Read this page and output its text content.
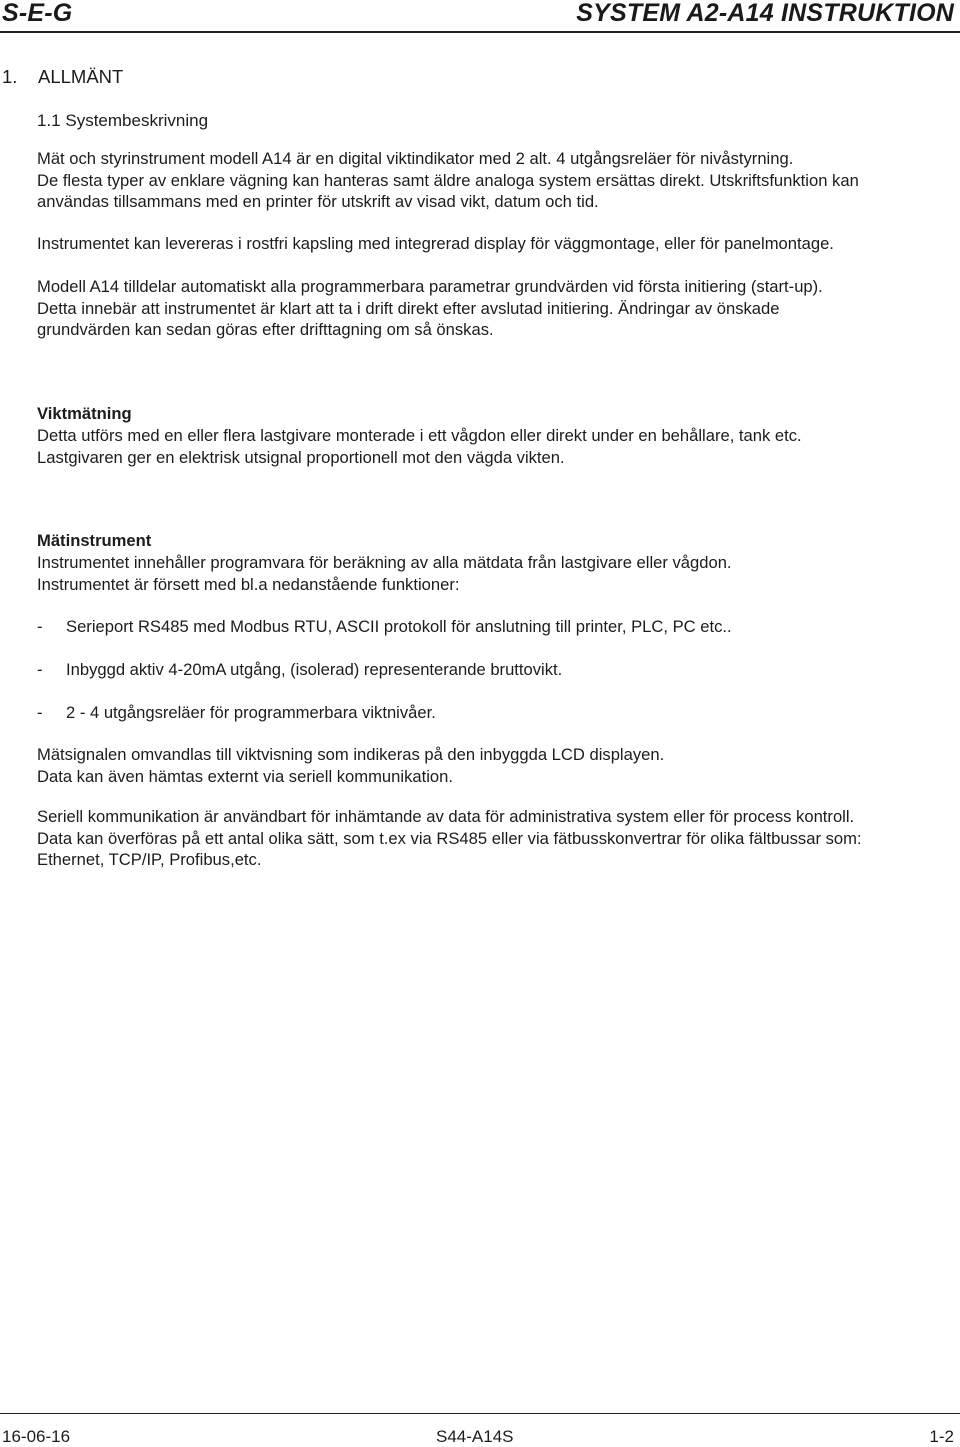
S-E-G	SYSTEM A2-A14 INSTRUKTION
1. ALLMÄNT
1.1 Systembeskrivning
Mät och styrinstrument modell A14 är en digital viktindikator med 2 alt. 4 utgångsreläer för nivåstyrning.
De flesta typer av enklare vägning kan hanteras samt äldre analoga system ersättas direkt. Utskriftsfunktion kan
användas tillsammans med en printer för utskrift av visad vikt, datum och tid.
Instrumentet kan levereras i rostfri kapsling med integrerad display för väggmontage, eller för panelmontage.
Modell A14 tilldelar automatiskt alla programmerbara parametrar grundvärden vid första initiering (start-up).
Detta innebär att instrumentet är klart att ta i drift direkt efter avslutad initiering. Ändringar av önskade
grundvärden kan sedan göras efter drifttagning om så önskas.
Viktmätning
Detta utförs med en eller flera lastgivare monterade i ett vågdon eller direkt under en behållare, tank etc.
Lastgivaren ger en elektrisk utsignal proportionell mot den vägda vikten.
Mätinstrument
Instrumentet innehåller programvara för beräkning av alla mätdata från lastgivare eller vågdon.
Instrumentet är försett med bl.a nedanstående funktioner:
- Serieport RS485 med Modbus RTU, ASCII protokoll för anslutning till printer, PLC, PC etc..
- Inbyggd aktiv 4-20mA utgång, (isolerad) representerande bruttovikt.
- 2 - 4 utgångsreläer för programmerbara viktnivåer.
Mätsignalen omvandlas till viktvisning som indikeras på den inbyggda LCD displayen.
Data kan även hämtas externt via seriell kommunikation.
Seriell kommunikation är användbart för inhämtande av data för administrativa system eller för process kontroll.
Data kan överföras på ett antal olika sätt, som t.ex via RS485 eller via fätbusskonvertrar för olika fältbussar som:
Ethernet, TCP/IP, Profibus,etc.
16-06-16	S44-A14S	1-2
